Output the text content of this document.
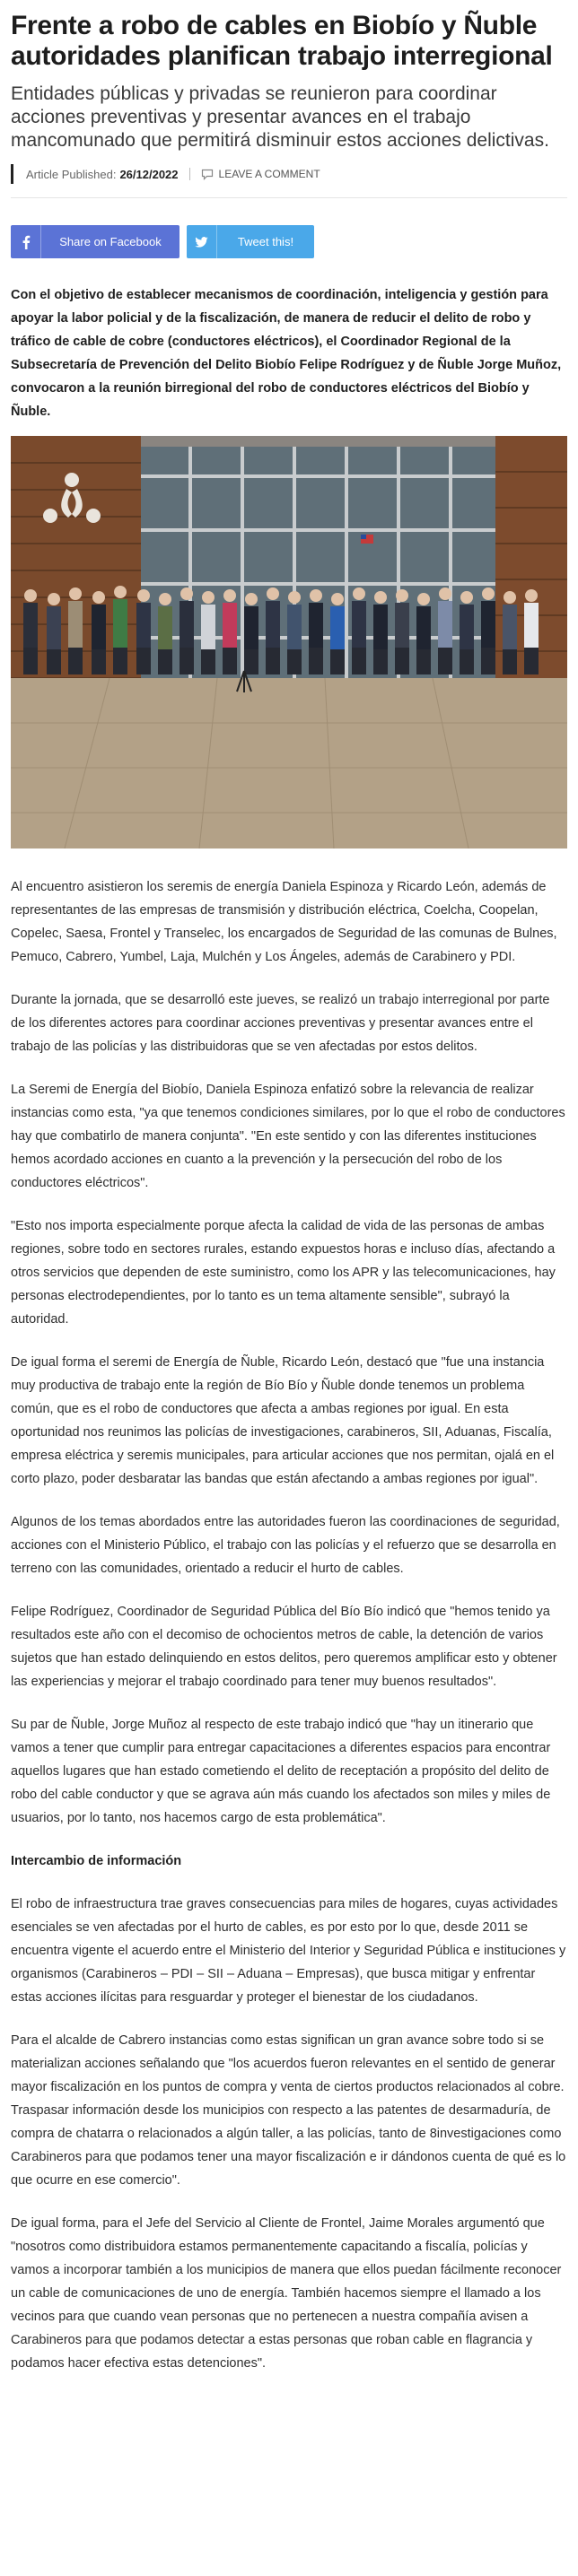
Frente a robo de cables en Biobío y Ñuble autoridades planifican trabajo interregional
Entidades públicas y privadas se reunieron para coordinar acciones preventivas y presentar avances en el trabajo mancomunado que permitirá disminuir estos acciones delictivas.
Article Published: 26/12/2022	LEAVE A COMMENT
Share on Facebook	Tweet this!

Con el objetivo de establecer mecanismos de coordinación, inteligencia y gestión para apoyar la labor policial y de la fiscalización, de manera de reducir el delito de robo y tráfico de cable de cobre (conductores eléctricos), el Coordinador Regional de la Subsecretaría de Prevención del Delito Biobío Felipe Rodríguez y de Ñuble Jorge Muñoz, convocaron a la reunión birregional del robo de conductores eléctricos del Biobío y Ñuble.

Al encuentro asistieron los seremis de energía Daniela Espinoza y Ricardo León, además de representantes de las empresas de transmisión y distribución eléctrica, Coelcha, Coopelan, Copelec, Saesa, Frontel y Transelec, los encargados de Seguridad de las comunas de Bulnes, Pemuco, Cabrero, Yumbel, Laja, Mulchén y Los Ángeles, además de Carabinero y PDI.

Durante la jornada, que se desarrolló este jueves, se realizó un trabajo interregional por parte de los diferentes actores para coordinar acciones preventivas y presentar avances entre el trabajo de las policías y las distribuidoras que se ven afectadas por estos delitos.

La Seremi de Energía del Biobío, Daniela Espinoza enfatizó sobre la relevancia de realizar instancias como esta, "ya que tenemos condiciones similares, por lo que el robo de conductores hay que combatirlo de manera conjunta". "En este sentido y con las diferentes instituciones hemos acordado acciones en cuanto a la prevención y la persecución del robo de los conductores eléctricos".

"Esto nos importa especialmente porque afecta la calidad de vida de las personas de ambas regiones, sobre todo en sectores rurales, estando expuestos horas e incluso días, afectando a otros servicios que dependen de este suministro, como los APR y las telecomunicaciones, hay personas electrodependientes, por lo tanto es un tema altamente sensible", subrayó la autoridad.

De igual forma el seremi de Energía de Ñuble, Ricardo León, destacó que "fue una instancia muy productiva de trabajo ente la región de Bío Bío y Ñuble donde tenemos un problema común, que es el robo de conductores que afecta a ambas regiones por igual. En esta oportunidad nos reunimos las policías de investigaciones, carabineros, SII, Aduanas, Fiscalía, empresa eléctrica y seremis municipales, para articular acciones que nos permitan, ojalá en el corto plazo, poder desbaratar las bandas que están afectando a ambas regiones por igual".

Algunos de los temas abordados entre las autoridades fueron las coordinaciones de seguridad, acciones con el Ministerio Público, el trabajo con las policías y el refuerzo que se desarrolla en terreno con las comunidades, orientado a reducir el hurto de cables.

Felipe Rodríguez, Coordinador de Seguridad Pública del Bío Bío indicó que "hemos tenido ya resultados este año con el decomiso de ochocientos metros de cable, la detención de varios sujetos que han estado delinquiendo en estos delitos, pero queremos amplificar esto y obtener las experiencias y mejorar el trabajo coordinado para tener muy buenos resultados".

Su par de Ñuble, Jorge Muñoz al respecto de este trabajo indicó que "hay un itinerario que vamos a tener que cumplir para entregar capacitaciones a diferentes espacios para encontrar aquellos lugares que han estado cometiendo el delito de receptación a propósito del delito de robo del cable conductor y que se agrava aún más cuando los afectados son miles y miles de usuarios, por lo tanto, nos hacemos cargo de esta problemática".

Intercambio de información

El robo de infraestructura trae graves consecuencias para miles de hogares, cuyas actividades esenciales se ven afectadas por el hurto de cables, es por esto por lo que, desde 2011 se encuentra vigente el acuerdo entre el Ministerio del Interior y Seguridad Pública e instituciones y organismos (Carabineros – PDI – SII – Aduana – Empresas), que busca mitigar y enfrentar estas acciones ilícitas para resguardar y proteger el bienestar de los ciudadanos.

Para el alcalde de Cabrero instancias como estas significan un gran avance sobre todo si se materializan acciones señalando que "los acuerdos fueron relevantes en el sentido de generar mayor fiscalización en los puntos de compra y venta de ciertos productos relacionados al cobre. Traspasar información desde los municipios con respecto a las patentes de desarmaduría, de compra de chatarra o relacionados a algún taller, a las policías, tanto de 8investigaciones como Carabineros para que podamos tener una mayor fiscalización e ir dándonos cuenta de qué es lo que ocurre en ese comercio".

De igual forma, para el Jefe del Servicio al Cliente de Frontel, Jaime Morales argumentó que "nosotros como distribuidora estamos permanentemente capacitando a fiscalía, policías y vamos a incorporar también a los municipios de manera que ellos puedan fácilmente reconocer un cable de comunicaciones de uno de energía. También hacemos siempre el llamado a los vecinos para que cuando vean personas que no pertenecen a nuestra compañía avisen a Carabineros para que podamos detectar a estas personas que roban cable en flagrancia y podamos hacer efectiva estas detenciones".
